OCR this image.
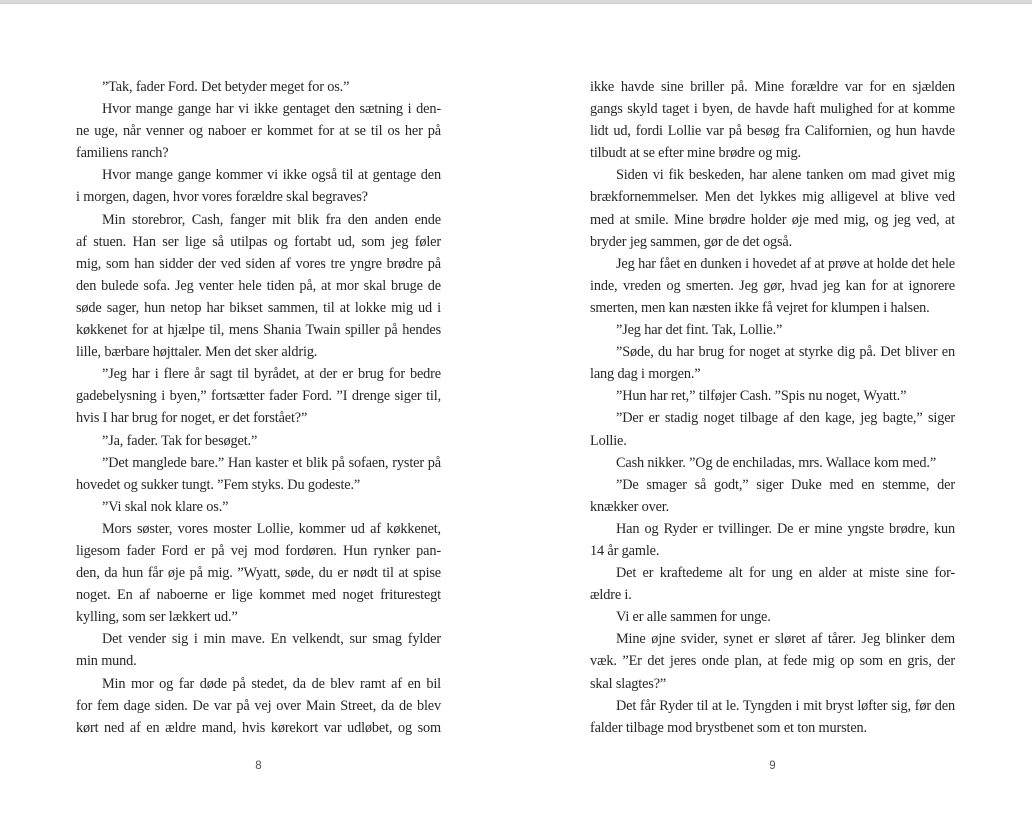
”Tak, fader Ford. Det betyder meget for os.”
Hvor mange gange har vi ikke gentaget den sætning i den-
ne uge, når venner og naboer er kommet for at se til os her på
familiens ranch?
Hvor mange gange kommer vi ikke også til at gentage den
i morgen, dagen, hvor vores forældre skal begraves?
Min storebror, Cash, fanger mit blik fra den anden ende
af stuen. Han ser lige så utilpas og fortabt ud, som jeg føler
mig, som han sidder der ved siden af vores tre yngre brødre på
den bulede sofa. Jeg venter hele tiden på, at mor skal bruge de
søde sager, hun netop har bikset sammen, til at lokke mig ud i
køkkenet for at hjælpe til, mens Shania Twain spiller på hendes
lille, bærbare højttaler. Men det sker aldrig.
”Jeg har i flere år sagt til byrådet, at der er brug for bedre
gadebelysning i byen,” fortsætter fader Ford. ”I drenge siger til,
hvis I har brug for noget, er det forstået?”
”Ja, fader. Tak for besøget.”
”Det manglede bare.” Han kaster et blik på sofaen, ryster på
hovedet og sukker tungt. ”Fem styks. Du godeste.”
”Vi skal nok klare os.”
Mors søster, vores moster Lollie, kommer ud af køkkenet,
ligesom fader Ford er på vej mod fordøren. Hun rynker pan-
den, da hun får øje på mig. ”Wyatt, søde, du er nødt til at spise
noget. En af naboerne er lige kommet med noget friturestegt
kylling, som ser lækkert ud.”
Det vender sig i min mave. En velkendt, sur smag fylder
min mund.
Min mor og far døde på stedet, da de blev ramt af en bil
for fem dage siden. De var på vej over Main Street, da de blev
kørt ned af en ældre mand, hvis kørekort var udløbet, og som
8
ikke havde sine briller på. Mine forældre var for en sjælden
gangs skyld taget i byen, de havde haft mulighed for at komme
lidt ud, fordi Lollie var på besøg fra Californien, og hun havde
tilbudt at se efter mine brødre og mig.
Siden vi fik beskeden, har alene tanken om mad givet mig
brækfornemmelser. Men det lykkes mig alligevel at blive ved
med at smile. Mine brødre holder øje med mig, og jeg ved, at
bryder jeg sammen, gør de det også.
Jeg har fået en dunken i hovedet af at prøve at holde det hele
inde, vreden og smerten. Jeg gør, hvad jeg kan for at ignorere
smerten, men kan næsten ikke få vejret for klumpen i halsen.
”Jeg har det fint. Tak, Lollie.”
”Søde, du har brug for noget at styrke dig på. Det bliver en
lang dag i morgen.”
”Hun har ret,” tilføjer Cash. ”Spis nu noget, Wyatt.”
”Der er stadig noget tilbage af den kage, jeg bagte,” siger
Lollie.
Cash nikker. ”Og de enchiladas, mrs. Wallace kom med.”
”De smager så godt,” siger Duke med en stemme, der
knækker over.
Han og Ryder er tvillinger. De er mine yngste brødre, kun
14 år gamle.
Det er kraftedeme alt for ung en alder at miste sine for-
ældre i.
Vi er alle sammen for unge.
Mine øjne svider, synet er sløret af tårer. Jeg blinker dem
væk. ”Er det jeres onde plan, at fede mig op som en gris, der
skal slagtes?”
Det får Ryder til at le. Tyngden i mit bryst løfter sig, før den
falder tilbage mod brystbenet som et ton mursten.
9
